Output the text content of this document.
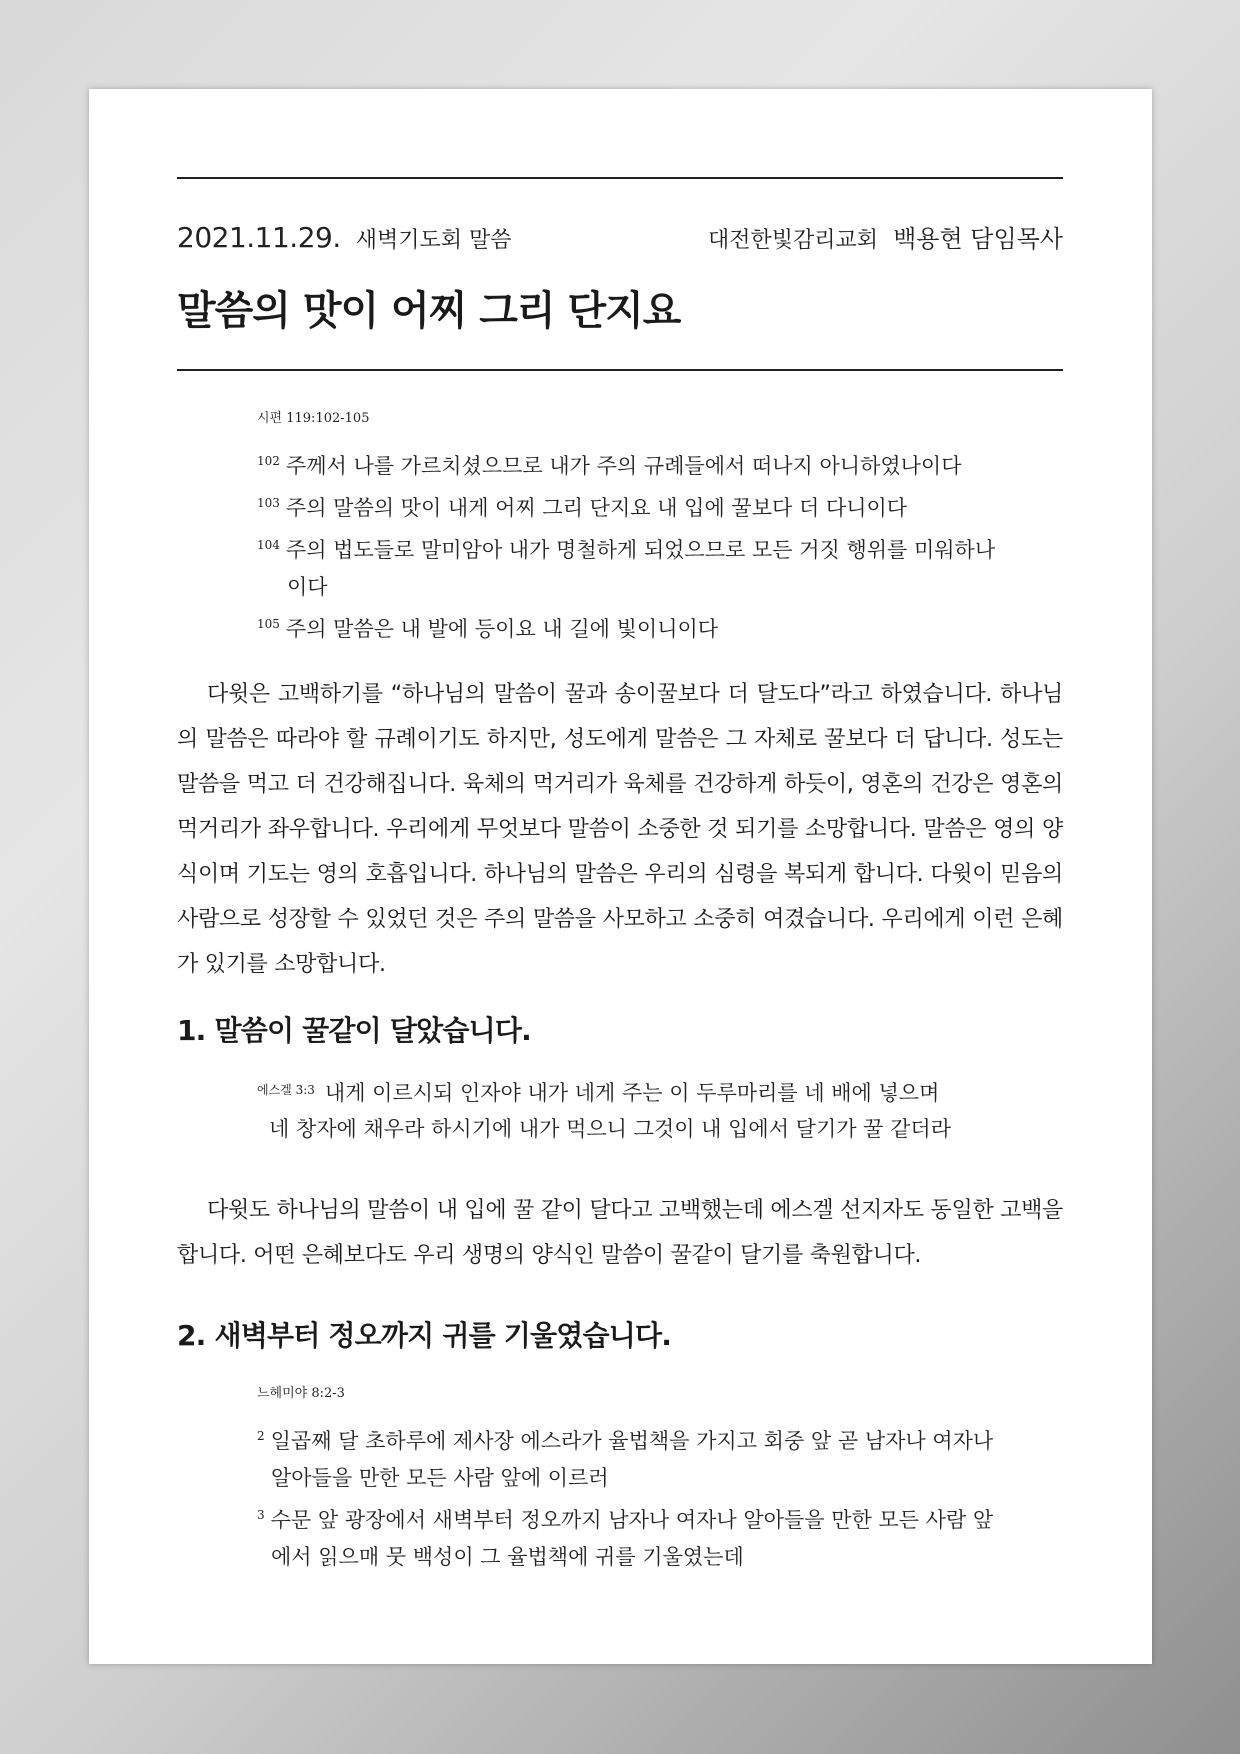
2021.11.29. 새벽기도회 말씀	대전한빛감리교회 백용현 담임목사
말씀의 맛이 어찌 그리 단지요
시편 119:102-105
$^{102}$ 주께서 나를 가르치셨으므로 내가 주의 규례들에서 떠나지 아니하였나이다
$^{103}$ 주의 말씀의 맛이 내게 어찌 그리 단지요 내 입에 꿀보다 더 다니이다
$^{104}$ 주의 법도들로 말미암아 내가 명철하게 되었으므로 모든 거짓 행위를 미워하나이다
$^{105}$ 주의 말씀은 내 발에 등이요 내 길에 빛이니이다

다윗은 고백하기를 “하나님의 말씀이 꿀과 송이꿀보다 더 달도다”라고 하였습니다. 하나님의 말씀은 따라야 할 규례이기도 하지만, 성도에게 말씀은 그 자체로 꿀보다 더 답니다. 성도는 말씀을 먹고 더 건강해집니다. 육체의 먹거리가 육체를 건강하게 하듯이, 영혼의 건강은 영혼의 먹거리가 좌우합니다. 우리에게 무엇보다 말씀이 소중한 것 되기를 소망합니다. 말씀은 영의 양식이며 기도는 영의 호흡입니다. 하나님의 말씀은 우리의 심령을 복되게 합니다. 다윗이 믿음의 사람으로 성장할 수 있었던 것은 주의 말씀을 사모하고 소중히 여겼습니다. 우리에게 이런 은혜가 있기를 소망합니다.

1. 말씀이 꿀같이 달았습니다.
$^{에스겔 3:3}$ 내게 이르시되 인자야 내가 네게 주는 이 두루마리를 네 배에 넣으며
네 창자에 채우라 하시기에 내가 먹으니 그것이 내 입에서 달기가 꿀 같더라

다윗도 하나님의 말씀이 내 입에 꿀 같이 달다고 고백했는데 에스겔 선지자도 동일한 고백을 합니다. 어떤 은혜보다도 우리 생명의 양식인 말씀이 꿀같이 달기를 축원합니다.

2. 새벽부터 정오까지 귀를 기울였습니다.
느헤미야 8:2-3
$^2$ 일곱째 달 초하루에 제사장 에스라가 율법책을 가지고 회중 앞 곧 남자나 여자나 알아들을 만한 모든 사람 앞에 이르러
$^3$ 수문 앞 광장에서 새벽부터 정오까지 남자나 여자나 알아들을 만한 모든 사람 앞에서 읽으매 뭇 백성이 그 율법책에 귀를 기울였는데
